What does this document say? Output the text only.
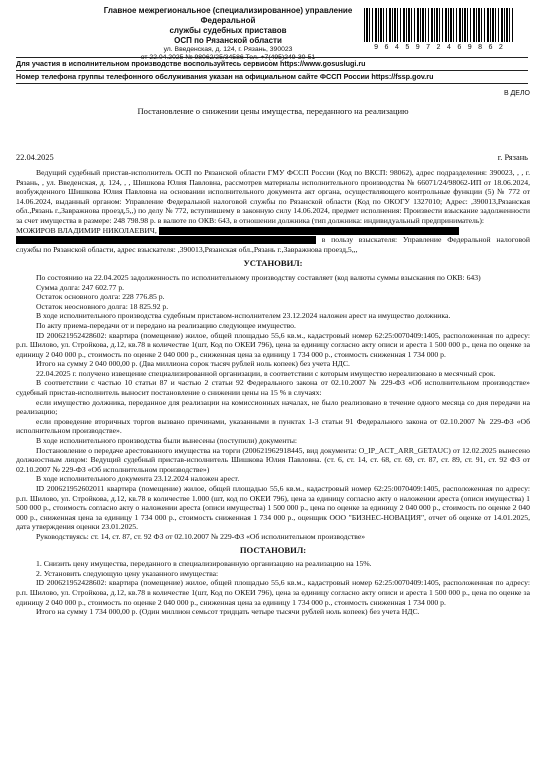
Главное межрегиональное (специализированное) управление Федеральной
службы судебных приставов
ОСП по Рязанской области
ул. Введенская, д. 124, г. Рязань, 390023
от 22.04.2025 № 98062/25/34586 Тел. +7(495)249-30-51
9 6 4 5 9 7 2 4 6 9 8 6 2
Для участия в исполнительном производстве воспользуйтесь сервисом https://www.gosuslugi.ru
Номер телефона группы телефонного обслуживания указан на официальном сайте ФССП России https://fssp.gov.ru
В ДЕЛО
Постановление о снижении цены имущества, переданного на реализацию
22.04.2025	г. Рязань

Ведущий судебный пристав-исполнитель ОСП по Рязанской области ГМУ ФССП России (Код по ВКСП: 98062), адрес подразделения: 390023, , , г. Рязань, , ул. Введенская, д. 124, , , Шишкова Юлия Павловна, рассмотрев материалы исполнительного производства № 66071/24/98062-ИП от 18.06.2024, возбужденного Шишкова Юлия Павловна на основании исполнительного документа акт органа, осуществляющего контрольные функции (5) № 772 от 14.06.2024, выданный органом: Управление Федеральной налоговой службы по Рязанской области (Код по ОКОГУ 1327010; Адрес: ,390013,Рязанская обл.,Рязань г.,Завражнова проезд,5,,) по делу № 772, вступившему в законную силу 14.06.2024, предмет исполнения: Произвести взыскание задолженности за счет имущества в размере: 248 798.98 р. в валюте по ОКВ: 643, в отношении должника (тип должника: индивидуальный предприниматель):

МОЖИРОВ ВЛАДИМИР НИКОЛАЕВИЧ,

в пользу взыскателя: Управление Федеральной налоговой службы по Рязанской области, адрес взыскателя: ,390013,Рязанская обл.,Рязань г.,Завражнова проезд,5,,,

УСТАНОВИЛ:

По состоянию на 22.04.2025 задолженность по исполнительному производству составляет (код валюты суммы взыскания по ОКВ: 643)

Сумма долга: 247 602.77 р.

Остаток основного долга: 228 776.85 р.

Остаток неосновного долга: 18 825.92 р.

В ходе исполнительного производства судебным приставом-исполнителем 23.12.2024 наложен арест на имущество должника.

По акту приема-передачи от и передано на реализацию следующее имущество.

ID 200621952428602: квартира (помещение) жилое, общей площадью 55,6 кв.м., кадастровый номер 62:25:0070409:1405, расположенная по адресу: р.п. Шилово, ул. Стройкова, д.12, кв.78 в количестве 1(шт, Код по ОКЕИ 796), цена за единицу согласно акту описи и ареста 1 500 000 р., цена по оценке за единицу 2 040 000 р., стоимость по оценке 2 040 000 р., сниженная цена за единицу 1 734 000 р., стоимость сниженная 1 734 000 р.

Итого на сумму 2 040 000,00 р. (Два миллиона сорок тысяч рублей ноль копеек) без учета НДС.

22.04.2025 г. получено извещение специализированной организации, в соответствии с которым имущество нереализовано в месячный срок.

В соответствии с частью 10 статьи 87 и частью 2 статьи 92 Федерального закона от 02.10.2007 № 229-ФЗ «Об исполнительном производстве» судебный пристав-исполнитель выносит постановление о снижении цены на 15 % в случаях:

если имущество должника, переданное для реализации на комиссионных началах, не было реализовано в течение одного месяца со дня передачи на реализацию;

если проведение вторичных торгов вызвано причинами, указанными в пунктах 1-3 статьи 91 Федерального закона от 02.10.2007 № 229-ФЗ «Об исполнительном производстве».

В ходе исполнительного производства были вынесены (поступили) документы:

Постановление о передаче арестованного имущества на торги (200621962918445, вид документа: O_IP_ACT_ARR_GETAUC) от 12.02.2025 вынесено должностным лицом: Ведущий судебный пристав-исполнитель Шишкова Юлия Павловна. (ст. 6, ст. 14, ст. 68, ст. 69, ст. 87, ст. 89, ст. 91, ст. 92 ФЗ от 02.10.2007 № 229-ФЗ «Об исполнительном производстве»)

В ходе исполнительного документа 23.12.2024 наложен арест.

ID 200621952602011 квартира (помещение) жилое, общей площадью 55,6 кв.м., кадастровый номер 62:25:0070409:1405, расположенная по адресу: р.п. Шилово, ул. Стройкова, д.12, кв.78 в количестве 1.000 (шт, код по ОКЕИ 796), цена за единицу согласно акту о наложении ареста (описи имущества) 1 500 000 р., стоимость согласно акту о наложении ареста (описи имущества) 1 500 000 р., цена по оценке за единицу 2 040 000 р., стоимость по оценке 2 040 000 р., сниженная цена за единицу 1 734 000 р., стоимость сниженная 1 734 000 р., оценщик ООО "БИЗНЕС-НОВАЦИЯ", отчет об оценке от 14.01.2025, дата утверждения оценки 23.01.2025.

Руководствуясь: ст. 14, ст. 87, ст. 92 ФЗ от 02.10.2007 № 229-ФЗ «Об исполнительном производстве»

ПОСТАНОВИЛ:

1. Снизить цену имущества, переданного в специализированную организацию на реализацию на 15%.

2. Установить следующую цену указанного имущества:

ID 200621952428602: квартира (помещение) жилое, общей площадью 55,6 кв.м., кадастровый номер 62:25:0070409:1405, расположенная по адресу: р.п. Шилово, ул. Стройкова, д.12, кв.78 в количестве 1(шт, Код по ОКЕИ 796), цена за единицу согласно акту описи и ареста 1 500 000 р., цена по оценке за единицу 2 040 000 р., стоимость по оценке 2 040 000 р., сниженная цена за единицу 1 734 000 р., стоимость сниженная 1 734 000 р.

Итого на сумму 1 734 000,00 р. (Один миллион семьсот тридцать четыре тысячи рублей ноль копеек) без учета НДС.
